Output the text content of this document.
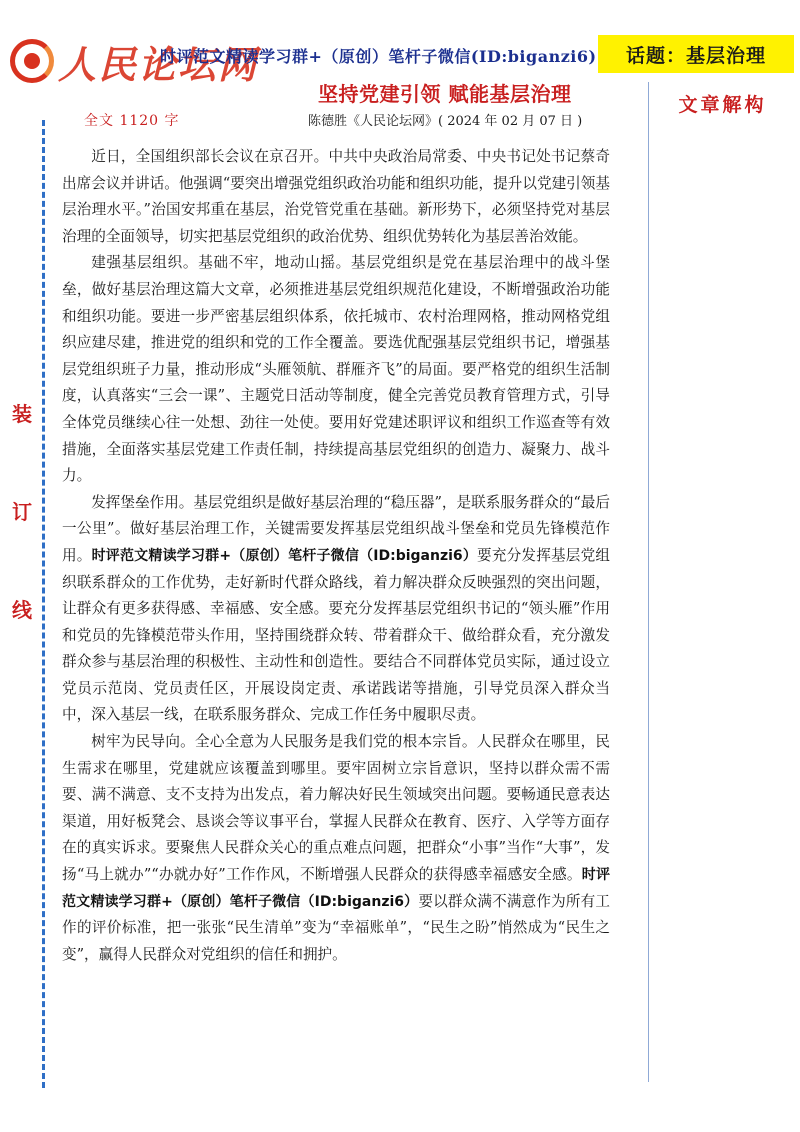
人民论坛网
时评范文精读学习群+（原创）笔杆子微信(ID:biganzi6)	话题：基层治理
坚持党建引领 赋能基层治理	文章解构
装
订
线
全文 1120 字	陈德胜《人民论坛网》( 2024 年 02 月 07 日 )

近日，全国组织部长会议在京召开。中共中央政治局常委、中央书记处书记蔡奇出席会议并讲话。他强调“要突出增强党组织政治功能和组织功能，提升以党建引领基层治理水平。”治国安邦重在基层，治党管党重在基础。新形势下，必须坚持党对基层治理的全面领导，切实把基层党组织的政治优势、组织优势转化为基层善治效能。

建强基层组织。基础不牢，地动山摇。基层党组织是党在基层治理中的战斗堡垒，做好基层治理这篇大文章，必须推进基层党组织规范化建设，不断增强政治功能和组织功能。要进一步严密基层组织体系，依托城市、农村治理网格，推动网格党组织应建尽建，推进党的组织和党的工作全覆盖。要选优配强基层党组织书记，增强基层党组织班子力量，推动形成“头雁领航、群雁齐飞”的局面。要严格党的组织生活制度，认真落实“三会一课”、主题党日活动等制度，健全完善党员教育管理方式，引导全体党员继续心往一处想、劲往一处使。要用好党建述职评议和组织工作巡查等有效措施，全面落实基层党建工作责任制，持续提高基层党组织的创造力、凝聚力、战斗力。

发挥堡垒作用。基层党组织是做好基层治理的“稳压器”，是联系服务群众的“最后一公里”。做好基层治理工作，关键需要发挥基层党组织战斗堡垒和党员先锋模范作用。时评范文精读学习群+（原创）笔杆子微信（ID:biganzi6）要充分发挥基层党组织联系群众的工作优势，走好新时代群众路线，着力解决群众反映强烈的突出问题，让群众有更多获得感、幸福感、安全感。要充分发挥基层党组织书记的“领头雁”作用和党员的先锋模范带头作用，坚持围绕群众转、带着群众干、做给群众看，充分激发群众参与基层治理的积极性、主动性和创造性。要结合不同群体党员实际，通过设立党员示范岗、党员责任区，开展设岗定责、承诺践诺等措施，引导党员深入群众当中，深入基层一线，在联系服务群众、完成工作任务中履职尽责。

树牢为民导向。全心全意为人民服务是我们党的根本宗旨。人民群众在哪里，民生需求在哪里，党建就应该覆盖到哪里。要牢固树立宗旨意识，坚持以群众需不需要、满不满意、支不支持为出发点，着力解决好民生领域突出问题。要畅通民意表达渠道，用好板凳会、恳谈会等议事平台，掌握人民群众在教育、医疗、入学等方面存在的真实诉求。要聚焦人民群众关心的重点难点问题，把群众“小事”当作“大事”，发扬“马上就办”“办就办好”工作作风，不断增强人民群众的获得感幸福感安全感。时评范文精读学习群+（原创）笔杆子微信（ID:biganzi6）要以群众满不满意作为所有工作的评价标准，把一张张“民生清单”变为“幸福账单”，“民生之盼”悄然成为“民生之变”，赢得人民群众对党组织的信任和拥护。
